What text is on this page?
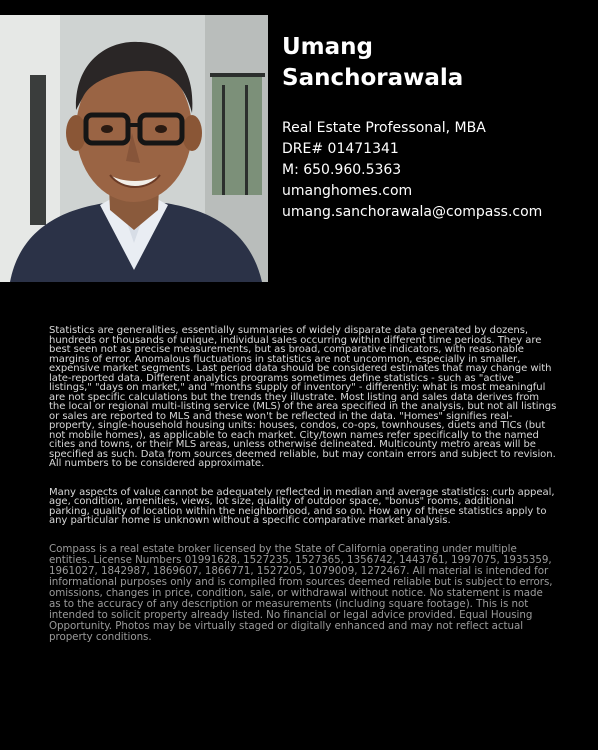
Umang
Sanchorawala
Real Estate Professonal, MBA
DRE# 01471341
M: 650.960.5363
umanghomes.com
umang.sanchorawala@compass.com

Statistics are generalities, essentially summaries of widely disparate data generated by dozens, hundreds or thousands of unique, individual sales occurring within different time periods. They are best seen not as precise measurements, but as broad, comparative indicators, with reasonable margins of error. Anomalous fluctuations in statistics are not uncommon, especially in smaller, expensive market segments. Last period data should be considered estimates that may change with late-reported data. Different analytics programs sometimes define statistics - such as "active listings," "days on market," and "months supply of inventory" - differently: what is most meaningful are not specific calculations but the trends they illustrate. Most listing and sales data derives from the local or regional multi-listing service (MLS) of the area specified in the analysis, but not all listings or sales are reported to MLS and these won't be reflected in the data. "Homes" signifies real-property, single-household housing units: houses, condos, co-ops, townhouses, duets and TICs (but not mobile homes), as applicable to each market. City/town names refer specifically to the named cities and towns, or their MLS areas, unless otherwise delineated. Multicounty metro areas will be specified as such. Data from sources deemed reliable, but may contain errors and subject to revision. All numbers to be considered approximate.

Many aspects of value cannot be adequately reflected in median and average statistics: curb appeal, age, condition, amenities, views, lot size, quality of outdoor space, "bonus" rooms, additional parking, quality of location within the neighborhood, and so on. How any of these statistics apply to any particular home is unknown without a specific comparative market analysis.

Compass is a real estate broker licensed by the State of California operating under multiple entities. License Numbers 01991628, 1527235, 1527365, 1356742, 1443761, 1997075, 1935359, 1961027, 1842987, 1869607, 1866771, 1527205, 1079009, 1272467. All material is intended for informational purposes only and is compiled from sources deemed reliable but is subject to errors, omissions, changes in price, condition, sale, or withdrawal without notice. No statement is made as to the accuracy of any description or measurements (including square footage). This is not intended to solicit property already listed. No financial or legal advice provided. Equal Housing Opportunity. Photos may be virtually staged or digitally enhanced and may not reflect actual property conditions.
